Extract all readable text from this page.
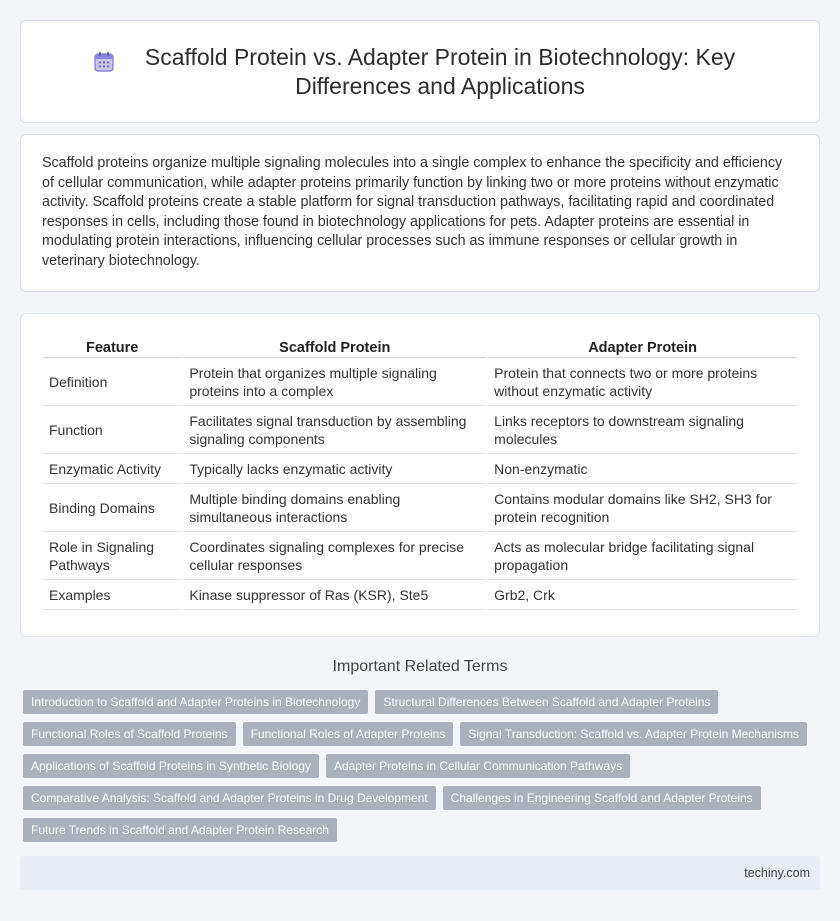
Scaffold Protein vs. Adapter Protein in Biotechnology: Key Differences and Applications

Scaffold proteins organize multiple signaling molecules into a single complex to enhance the specificity and efficiency of cellular communication, while adapter proteins primarily function by linking two or more proteins without enzymatic activity. Scaffold proteins create a stable platform for signal transduction pathways, facilitating rapid and coordinated responses in cells, including those found in biotechnology applications for pets. Adapter proteins are essential in modulating protein interactions, influencing cellular processes such as immune responses or cellular growth in veterinary biotechnology.

Feature	Scaffold Protein	Adapter Protein
Definition	Protein that organizes multiple signaling proteins into a complex	Protein that connects two or more proteins without enzymatic activity
Function	Facilitates signal transduction by assembling signaling components	Links receptors to downstream signaling molecules
Enzymatic Activity	Typically lacks enzymatic activity	Non-enzymatic
Binding Domains	Multiple binding domains enabling simultaneous interactions	Contains modular domains like SH2, SH3 for protein recognition
Role in Signaling Pathways	Coordinates signaling complexes for precise cellular responses	Acts as molecular bridge facilitating signal propagation
Examples	Kinase suppressor of Ras (KSR), Ste5	Grb2, Crk
Important Related Terms
Introduction to Scaffold and Adapter Proteins in Biotechnology	Structural Differences Between Scaffold and Adapter Proteins
Functional Roles of Scaffold Proteins	Functional Roles of Adapter Proteins	Signal Transduction: Scaffold vs. Adapter Protein Mechanisms
Applications of Scaffold Proteins in Synthetic Biology	Adapter Proteins in Cellular Communication Pathways
Comparative Analysis: Scaffold and Adapter Proteins in Drug Development	Challenges in Engineering Scaffold and Adapter Proteins
Future Trends in Scaffold and Adapter Protein Research
techiny.com
